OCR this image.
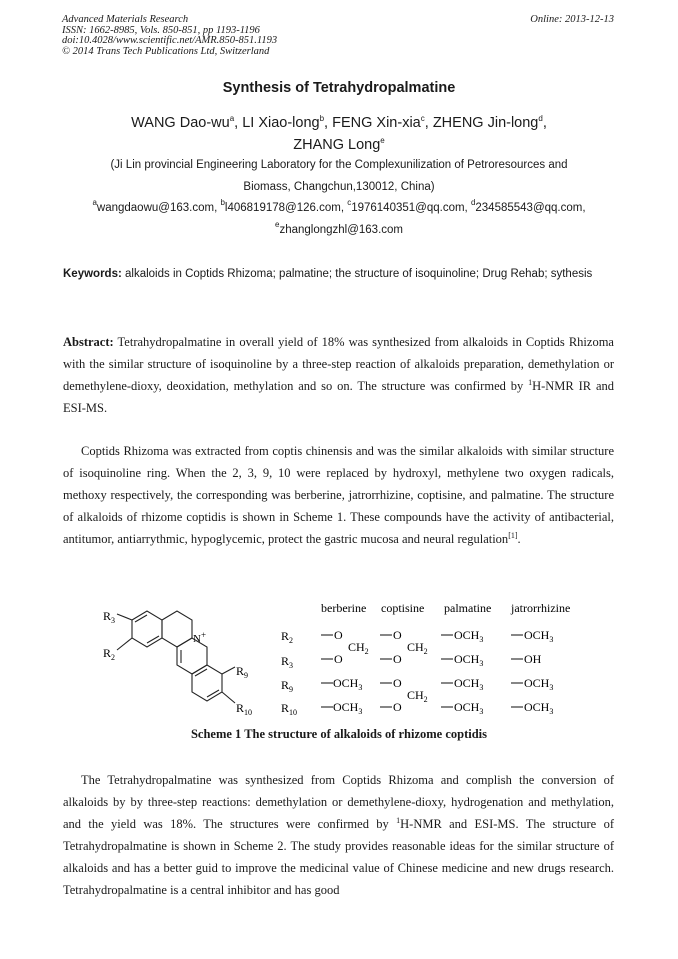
Advanced Materials Research
ISSN: 1662-8985, Vols. 850-851, pp 1193-1196
doi:10.4028/www.scientific.net/AMR.850-851.1193
© 2014 Trans Tech Publications Ltd, Switzerland
Online: 2013-12-13
Synthesis of Tetrahydropalmatine
WANG Dao-$wu^a$, LI Xiao-long$^b$, FENG Xin-xia$^c$, ZHENG Jin-long$^d$,
ZHANG Long$^e$
(Ji Lin provincial Engineering Laboratory for the Complexunilization of Petroresources and
Biomass, Changchun,130012, China)
$^a$wangdaowu@163.com, $^b$l406819178@126.com, $^c$1976140351@qq.com, $^d$234585543@qq.com,
$^e$zhanglongzhl@163.com
Keywords: alkaloids in Coptids Rhizoma; palmatine; the structure of isoquinoline; Drug Rehab; sythesis
Abstract: Tetrahydropalmatine in overall yield of 18% was synthesized from alkaloids in Coptids Rhizoma with the similar structure of isoquinoline by a three-step reaction of alkaloids preparation, demethylation or demethylene-dioxy, deoxidation, methylation and so on. The structure was confirmed by $^1$H-NMR IR and ESI-MS.
Coptids Rhizoma was extracted from coptis chinensis and was the similar alkaloids with similar structure of isoquinoline ring. When the 2, 3, 9, 10 were replaced by hydroxyl, methylene two oxygen radicals, methoxy respectively, the corresponding was berberine, jatrorrhizine, coptisine, and palmatine. The structure of alkaloids of rhizome coptidis is shown in Scheme 1. These compounds have the activity of antibacterial, antitumor, antiarrythmic, hypoglycemic, protect the gastric mucosa and neural regulation[1].
$R_3$
$R_2$
N+
$R_9$
$R_{10}$
berberine coptisine palmatine jatrorrhizine
$R_2$
$R_3$
$R_9$
$R_{10}$
O
$CH_2$
O
$OCH_3$
$OCH_3$
O
$CH_2$
O
O
$CH_2$
O
$OCH_3$
$OCH_3$
$OCH_3$
$OCH_3$
$OCH_3$
OH
$OCH_3$
$OCH_3$
Scheme 1 The structure of alkaloids of rhizome coptidis
The Tetrahydropalmatine was synthesized from Coptids Rhizoma and complish the conversion of alkaloids by by three-step reactions: demethylation or demethylene-dioxy, hydrogenation and methylation, and the yield was 18%. The structures were confirmed by $^1$H-NMR and ESI-MS. The structure of Tetrahydropalmatine is shown in Scheme 2. The study provides reasonable ideas for the similar structure of alkaloids and has a better guid to improve the medicinal value of Chinese medicine and new drugs research. Tetrahydropalmatine is a central inhibitor and has good
